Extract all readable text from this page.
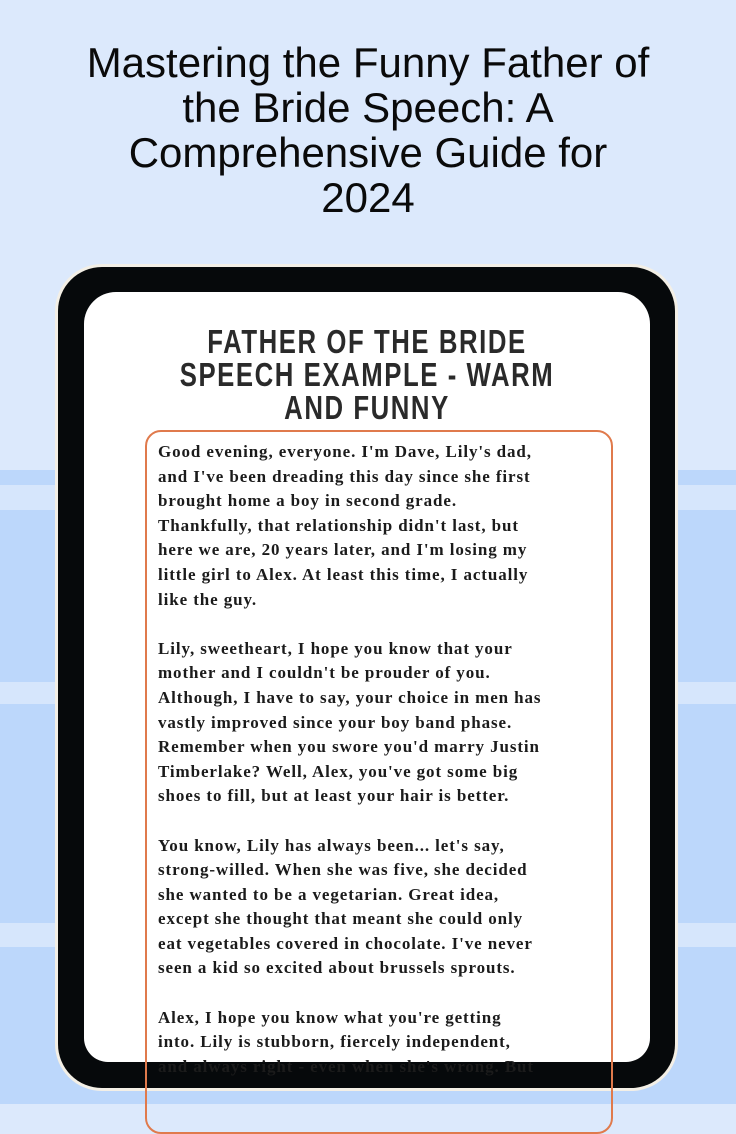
Mastering the Funny Father of
the Bride Speech: A
Comprehensive Guide for
2024
FATHER OF THE BRIDE
SPEECH EXAMPLE - WARM
AND FUNNY

Good evening, everyone. I'm Dave, Lily's dad,
and I've been dreading this day since she first
brought home a boy in second grade.
Thankfully, that relationship didn't last, but
here we are, 20 years later, and I'm losing my
little girl to Alex. At least this time, I actually
like the guy.

Lily, sweetheart, I hope you know that your
mother and I couldn't be prouder of you.
Although, I have to say, your choice in men has
vastly improved since your boy band phase.
Remember when you swore you'd marry Justin
Timberlake? Well, Alex, you've got some big
shoes to fill, but at least your hair is better.

You know, Lily has always been... let's say,
strong-willed. When she was five, she decided
she wanted to be a vegetarian. Great idea,
except she thought that meant she could only
eat vegetables covered in chocolate. I've never
seen a kid so excited about brussels sprouts.

Alex, I hope you know what you're getting
into. Lily is stubborn, fiercely independent,
and always right - even when she's wrong. But
